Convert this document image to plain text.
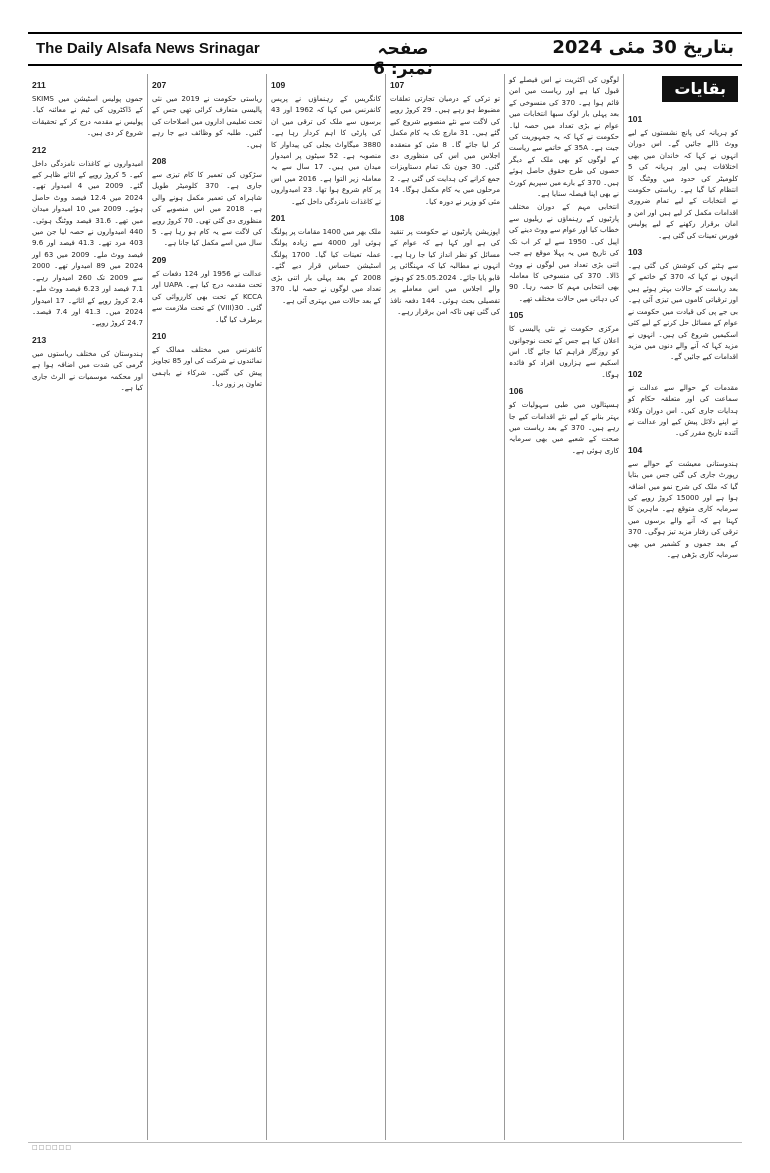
The Daily Alsafa News Srinagar	صفحہ نمبر: 6
بتاریخ 30 مئی 2024
بقایات
101

کو ہریانہ کی پانچ نشستوں کے لیے ووٹ ڈالے جائیں گے۔ اس دوران انہوں نے کہا کہ خاندان میں بھی اختلافات ہیں اور ہریانہ کی 5 کلومیٹر کی حدود میں ووٹنگ کا انتظام کیا گیا ہے۔ ریاستی حکومت نے انتخابات کے لیے تمام ضروری اقدامات مکمل کر لیے ہیں اور امن و امان برقرار رکھنے کے لیے پولیس فورس تعینات کی گئی ہے۔

103

سے ہٹنے کی کوشش کی گئی ہے۔ انہوں نے کہا کہ 370 کے خاتمے کے بعد ریاست کے حالات بہتر ہوئے ہیں اور ترقیاتی کاموں میں تیزی آئی ہے۔ بی جے پی کی قیادت میں حکومت نے عوام کے مسائل حل کرنے کے لیے کئی اسکیمیں شروع کی ہیں۔ انہوں نے مزید کہا کہ آنے والے دنوں میں مزید اقدامات کیے جائیں گے۔

102

مقدمات کے حوالے سے عدالت نے سماعت کی اور متعلقہ حکام کو ہدایات جاری کیں۔ اس دوران وکلاء نے اپنے دلائل پیش کیے اور عدالت نے آئندہ تاریخ مقرر کی۔

104

ہندوستانی معیشت کے حوالے سے رپورٹ جاری کی گئی جس میں بتایا گیا کہ ملک کی شرح نمو میں اضافہ ہوا ہے اور 15000 کروڑ روپے کی سرمایہ کاری متوقع ہے۔ ماہرین کا کہنا ہے کہ آنے والے برسوں میں ترقی کی رفتار مزید تیز ہوگی۔ 370 کے بعد جموں و کشمیر میں بھی سرمایہ کاری بڑھی ہے۔

لوگوں کی اکثریت نے اس فیصلے کو قبول کیا ہے اور ریاست میں امن قائم ہوا ہے۔ 370 کی منسوخی کے بعد پہلی بار لوک سبھا انتخابات میں عوام نے بڑی تعداد میں حصہ لیا۔ حکومت نے کہا کہ یہ جمہوریت کی جیت ہے۔ 35A کے خاتمے سے ریاست کے لوگوں کو بھی ملک کے دیگر حصوں کی طرح حقوق حاصل ہوئے ہیں۔ 370 کے بارے میں سپریم کورٹ نے بھی اپنا فیصلہ سنایا ہے۔

انتخابی مہم کے دوران مختلف پارٹیوں کے رہنماؤں نے ریلیوں سے خطاب کیا اور عوام سے ووٹ دینے کی اپیل کی۔ 1950 سے لے کر اب تک کی تاریخ میں یہ پہلا موقع ہے جب اتنی بڑی تعداد میں لوگوں نے ووٹ ڈالا۔ 370 کی منسوخی کا معاملہ بھی انتخابی مہم کا حصہ رہا۔ 90 کی دہائی میں حالات مختلف تھے۔

105

مرکزی حکومت نے نئی پالیسی کا اعلان کیا ہے جس کے تحت نوجوانوں کو روزگار فراہم کیا جائے گا۔ اس اسکیم سے ہزاروں افراد کو فائدہ ہوگا۔

106

ہسپتالوں میں طبی سہولیات کو بہتر بنانے کے لیے نئے اقدامات کیے جا رہے ہیں۔ 370 کے بعد ریاست میں صحت کے شعبے میں بھی سرمایہ کاری ہوئی ہے۔

107

تو ترکی کے درمیان تجارتی تعلقات مضبوط ہو رہے ہیں۔ 29 کروڑ روپے کی لاگت سے نئے منصوبے شروع کیے گئے ہیں۔ 31 مارچ تک یہ کام مکمل کر لیا جائے گا۔ 8 مئی کو منعقدہ اجلاس میں اس کی منظوری دی گئی۔ 30 جون تک تمام دستاویزات جمع کرانے کی ہدایت کی گئی ہے۔ 2 مرحلوں میں یہ کام مکمل ہوگا۔ 14 مئی کو وزیر نے دورہ کیا۔

108

اپوزیشن پارٹیوں نے حکومت پر تنقید کی ہے اور کہا ہے کہ عوام کے مسائل کو نظر انداز کیا جا رہا ہے۔ انہوں نے مطالبہ کیا کہ مہنگائی پر قابو پایا جائے۔ 25.05.2024 کو ہونے والے اجلاس میں اس معاملے پر تفصیلی بحث ہوئی۔ 144 دفعہ نافذ کی گئی تھی تاکہ امن برقرار رہے۔

109

کانگریس کے رہنماؤں نے پریس کانفرنس میں کہا کہ 1962 اور 43 برسوں سے ملک کی ترقی میں ان کی پارٹی کا اہم کردار رہا ہے۔ 3880 میگاواٹ بجلی کی پیداوار کا منصوبہ ہے۔ 52 سیٹوں پر امیدوار میدان میں ہیں۔ 17 سال سے یہ معاملہ زیر التوا ہے۔ 2016 میں اس پر کام شروع ہوا تھا۔ 23 امیدواروں نے کاغذات نامزدگی داخل کیے۔

201

ملک بھر میں 1400 مقامات پر پولنگ ہوئی اور 4000 سے زیادہ پولنگ عملہ تعینات کیا گیا۔ 1700 پولنگ اسٹیشن حساس قرار دیے گئے۔ 2008 کے بعد پہلی بار اتنی بڑی تعداد میں لوگوں نے حصہ لیا۔ 370 کے بعد حالات میں بہتری آئی ہے۔

207

ریاستی حکومت نے 2019 میں نئی پالیسی متعارف کرائی تھی جس کے تحت تعلیمی اداروں میں اصلاحات کی گئیں۔ طلبہ کو وظائف دیے جا رہے ہیں۔

208

سڑکوں کی تعمیر کا کام تیزی سے جاری ہے۔ 370 کلومیٹر طویل شاہراہ کی تعمیر مکمل ہونے والی ہے۔ 2018 میں اس منصوبے کی منظوری دی گئی تھی۔ 70 کروڑ روپے کی لاگت سے یہ کام ہو رہا ہے۔ 5 سال میں اسے مکمل کیا جانا ہے۔

209

عدالت نے 1956 اور 124 دفعات کے تحت مقدمہ درج کیا ہے۔ UAPA اور KCCA کے تحت بھی کارروائی کی گئی۔ 30(VIII) کے تحت ملازمت سے برطرف کیا گیا۔

210

کانفرنس میں مختلف ممالک کے نمائندوں نے شرکت کی اور 85 تجاویز پیش کی گئیں۔ شرکاء نے باہمی تعاون پر زور دیا۔

211

جموں پولیس اسٹیشن میں SKIMS کے ڈاکٹروں کی ٹیم نے معائنہ کیا۔ پولیس نے مقدمہ درج کر کے تحقیقات شروع کر دی ہیں۔

212

امیدواروں نے کاغذات نامزدگی داخل کیے۔ 5 کروڑ روپے کے اثاثے ظاہر کیے گئے۔ 2009 میں 4 امیدوار تھے۔ 2024 میں 12.4 فیصد ووٹ حاصل ہوئے۔ 2009 میں 10 امیدوار میدان میں تھے۔ 31.6 فیصد ووٹنگ ہوئی۔ 440 امیدواروں نے حصہ لیا جن میں 403 مرد تھے۔ 41.3 فیصد اور 9.6 فیصد ووٹ ملے۔ 2009 میں 63 اور 2024 میں 89 امیدوار تھے۔ 2000 سے 2009 تک 260 امیدوار رہے۔ 7.1 فیصد اور 6.23 فیصد ووٹ ملے۔ 2.4 کروڑ روپے کے اثاثے۔ 17 امیدوار 2024 میں۔ 41.3 اور 7.4 فیصد۔ 24.7 کروڑ روپے۔

213

ہندوستان کی مختلف ریاستوں میں گرمی کی شدت میں اضافہ ہوا ہے اور محکمہ موسمیات نے الرٹ جاری کیا ہے۔

□□□□□□
